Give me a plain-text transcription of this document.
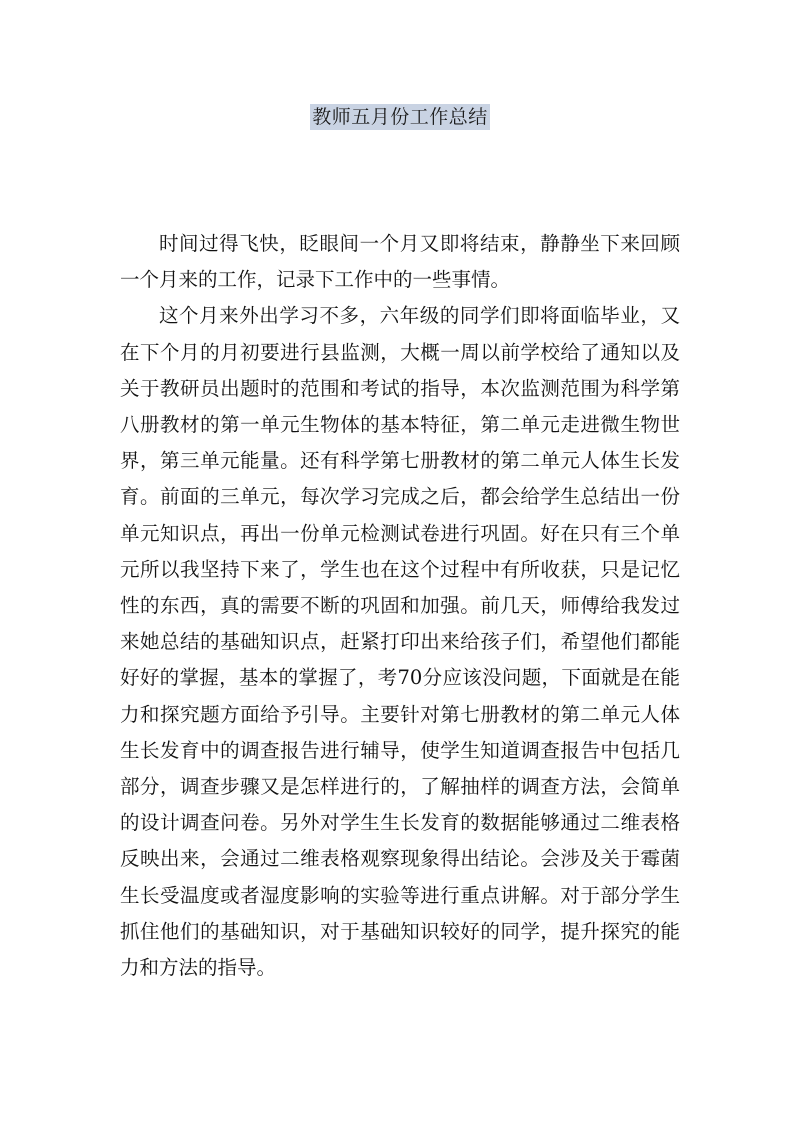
教师五月份工作总结

时间过得飞快，眨眼间一个月又即将结束，静静坐下来回顾一个月来的工作，记录下工作中的一些事情。

这个月来外出学习不多，六年级的同学们即将面临毕业，又在下个月的月初要进行县监测，大概一周以前学校给了通知以及关于教研员出题时的范围和考试的指导，本次监测范围为科学第八册教材的第一单元生物体的基本特征，第二单元走进微生物世界，第三单元能量。还有科学第七册教材的第二单元人体生长发育。前面的三单元，每次学习完成之后，都会给学生总结出一份单元知识点，再出一份单元检测试卷进行巩固。好在只有三个单元所以我坚持下来了，学生也在这个过程中有所收获，只是记忆性的东西，真的需要不断的巩固和加强。前几天，师傅给我发过来她总结的基础知识点，赶紧打印出来给孩子们，希望他们都能好好的掌握，基本的掌握了，考70分应该没问题，下面就是在能力和探究题方面给予引导。主要针对第七册教材的第二单元人体生长发育中的调查报告进行辅导，使学生知道调查报告中包括几部分，调查步骤又是怎样进行的，了解抽样的调查方法，会简单的设计调查问卷。另外对学生生长发育的数据能够通过二维表格反映出来，会通过二维表格观察现象得出结论。会涉及关于霉菌生长受温度或者湿度影响的实验等进行重点讲解。对于部分学生抓住他们的基础知识，对于基础知识较好的同学，提升探究的能力和方法的指导。
